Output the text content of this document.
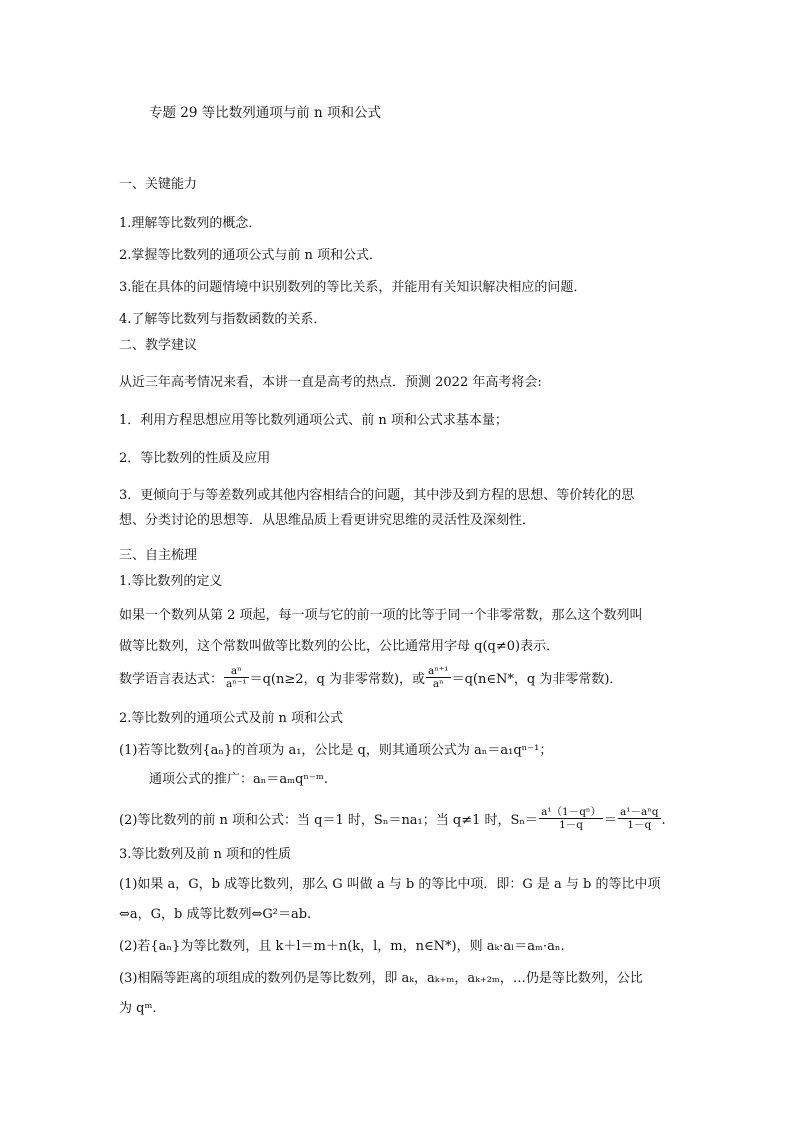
专题 29 等比数列通项与前 n 项和公式
一、关键能力
1.理解等比数列的概念．
2.掌握等比数列的通项公式与前 n 项和公式．
3.能在具体的问题情境中识别数列的等比关系，并能用有关知识解决相应的问题．
4.了解等比数列与指数函数的关系．
二、教学建议
从近三年高考情况来看，本讲一直是高考的热点．预测 2022 年高考将会:
1．利用方程思想应用等比数列通项公式、前 n 项和公式求基本量；
2．等比数列的性质及应用
3．更倾向于与等差数列或其他内容相结合的问题，其中涉及到方程的思想、等价转化的思
想、分类讨论的思想等．从思维品质上看更讲究思维的灵活性及深刻性．
三、自主梳理
1.等比数列的定义
如果一个数列从第 2 项起，每一项与它的前一项的比等于同一个非零常数，那么这个数列叫
做等比数列，这个常数叫做等比数列的公比，公比通常用字母 q(q≠0)表示．
数学语言表达式： $\frac{\text{aⁿ}}{\text{aⁿ⁻¹}} =q(n\ge 2$，q 为非零常数)，或 $\frac{\text{aⁿ⁺¹}}{\text{aⁿ}}$ ＝q(n∈N*，q 为非零常数)．
2.等比数列的通项公式及前 n 项和公式
(1)若等比数列{aₙ}的首项为 a₁，公比是 q，则其通项公式为 aₙ＝a₁qⁿ⁻¹；
通项公式的推广：aₙ＝aₘqⁿ⁻ᵐ.
(2)等比数列的前 n 项和公式：当 q＝1 时，Sₙ＝na₁；当 q≠1 时，$S_n= \frac{\text{a¹（1－qⁿ）}}{1-q} = \frac{\text{a¹－aⁿq}}{1-q}$ .
3.等比数列及前 n 项和的性质
(1)如果 a，G，b 成等比数列，那么 G 叫做 a 与 b 的等比中项．即：G 是 a 与 b 的等比中项
⇔a，G，b 成等比数列⇔G²＝ab.
(2)若{aₙ}为等比数列，且 k＋l＝m＋n(k，l，m，n∈N*)，则 aₖ·aₗ＝aₘ·aₙ.
(3)相隔等距离的项组成的数列仍是等比数列，即 aₖ，aₖ₊ₘ，aₖ₊₂ₘ，…仍是等比数列，公比
为 qᵐ.
